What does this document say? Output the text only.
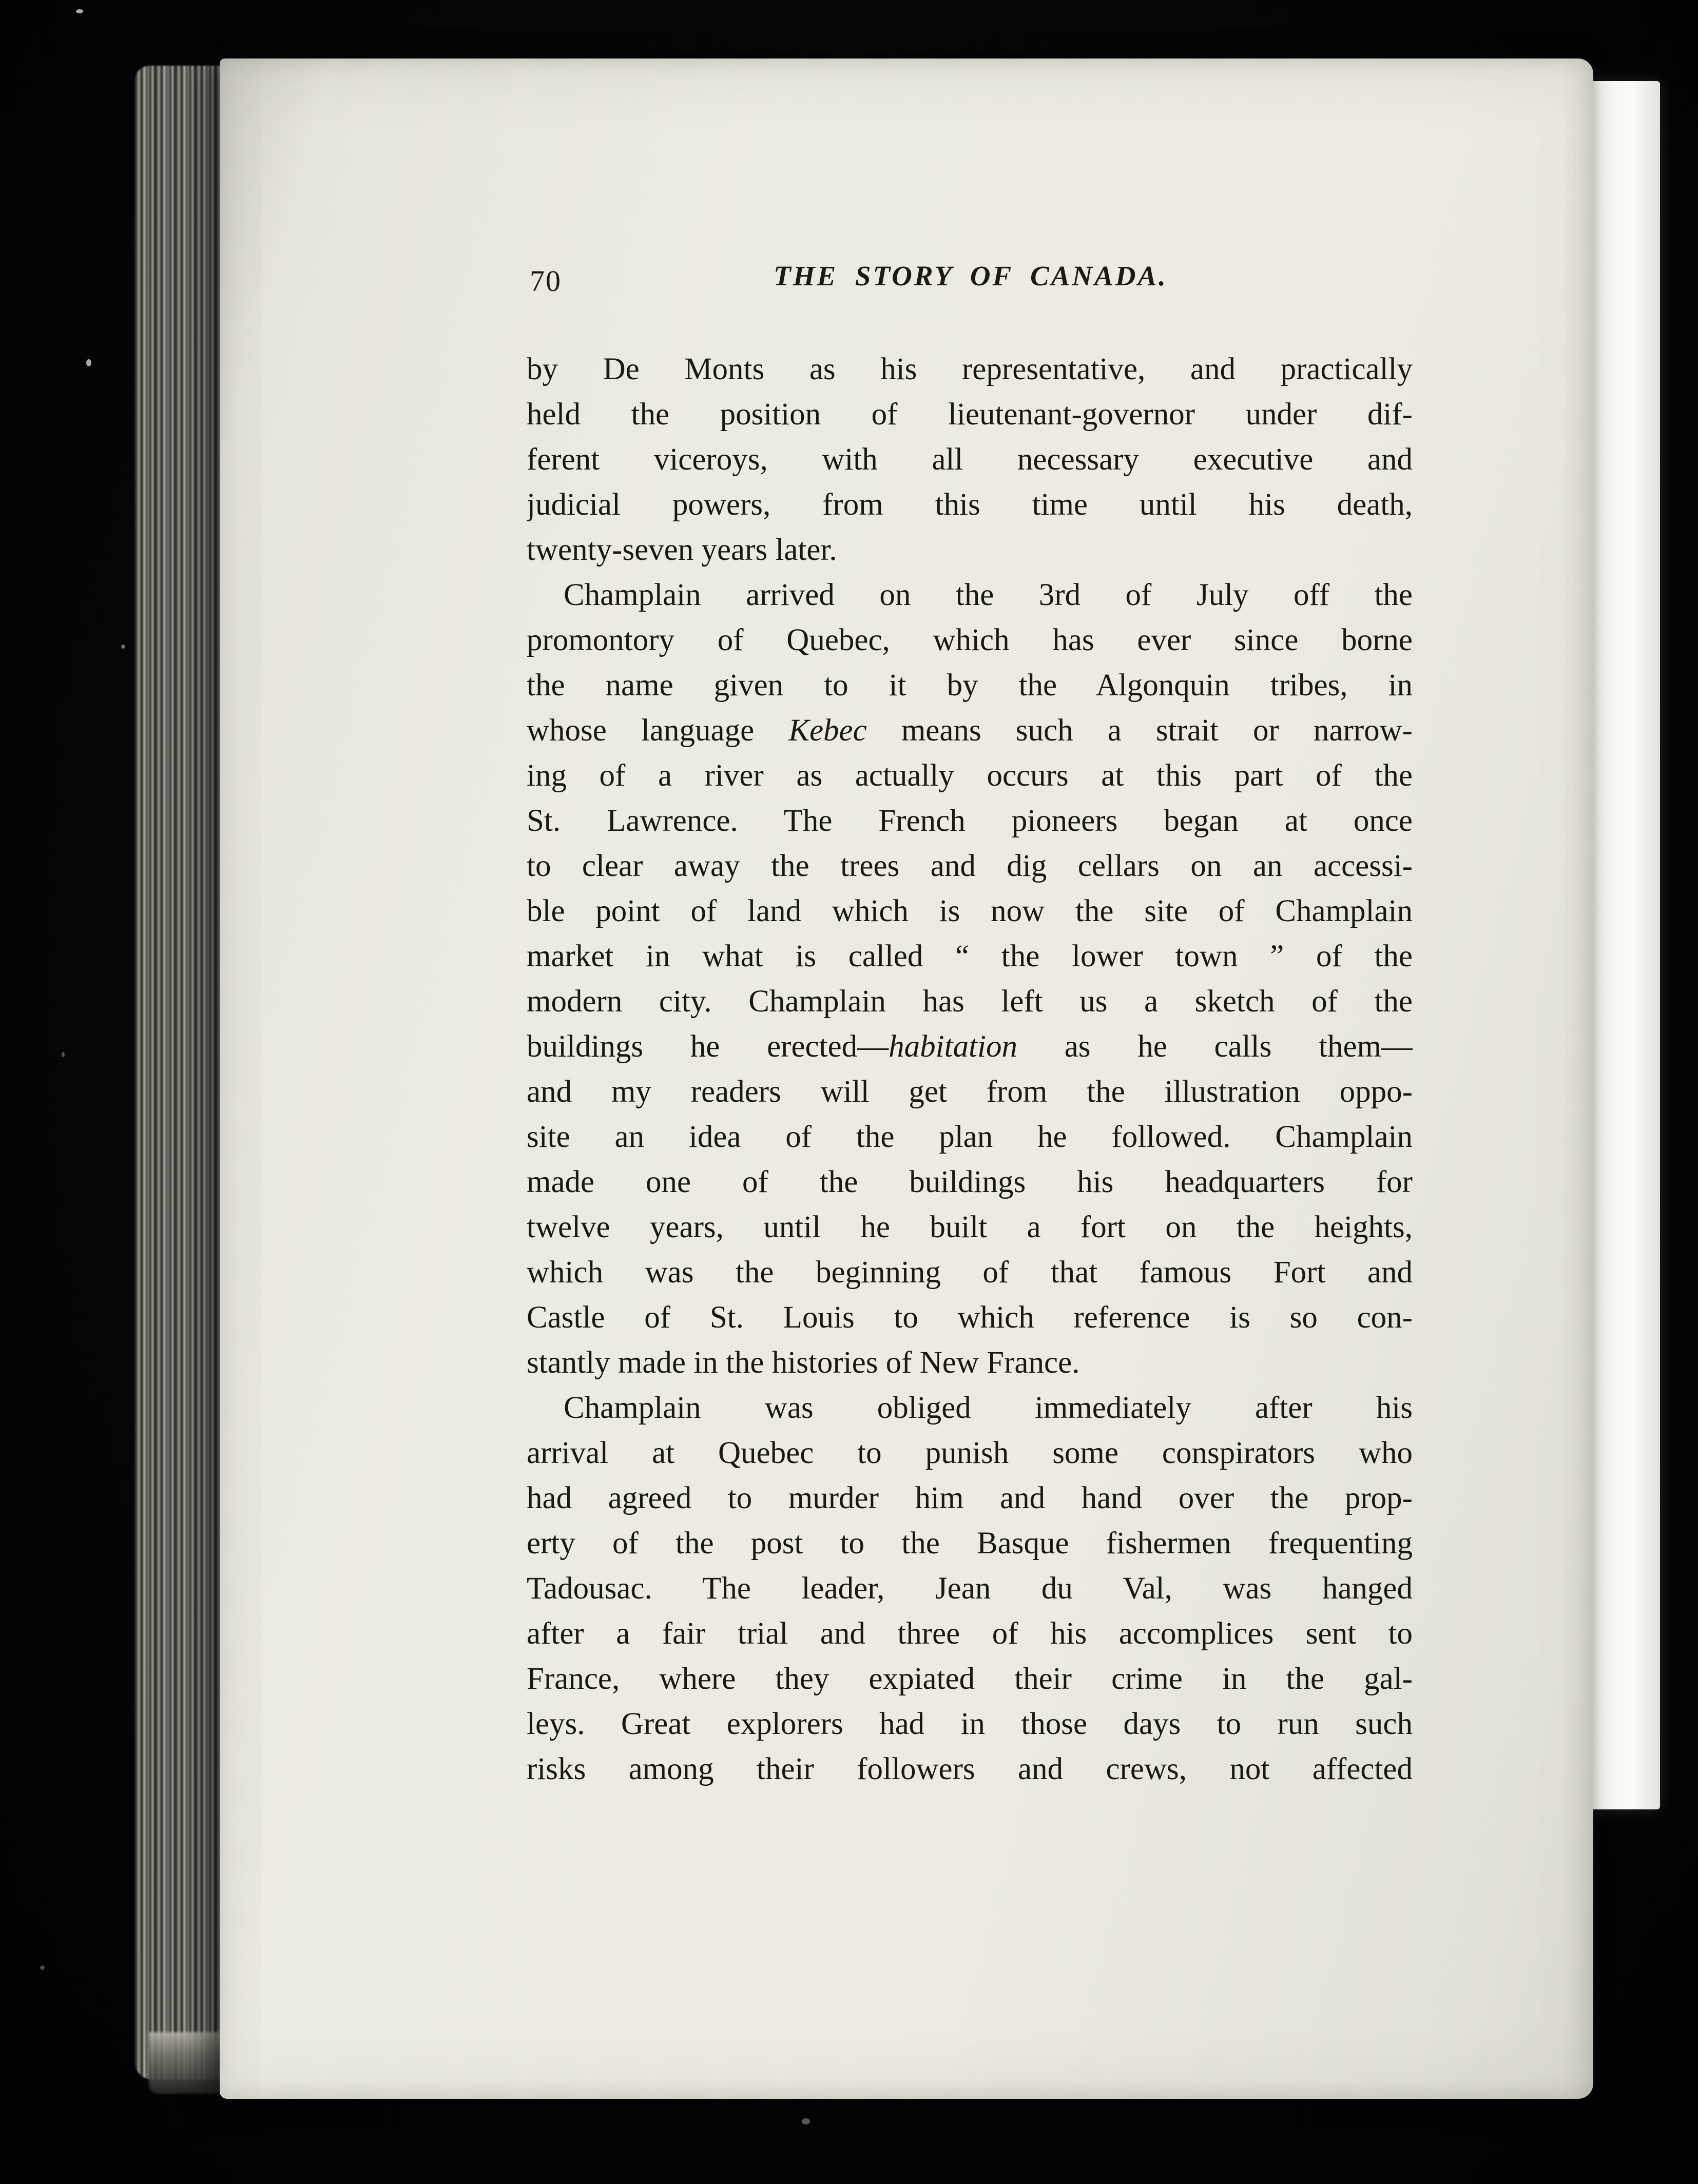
70	THE STORY OF CANADA.
by De Monts as his representative, and practically
held the position of lieutenant-governor under dif-
ferent viceroys, with all necessary executive and
judicial powers, from this time until his death,
twenty-seven years later.
Champlain arrived on the 3rd of July off the
promontory of Quebec, which has ever since borne
the name given to it by the Algonquin tribes, in
whose language Kebec means such a strait or narrow-
ing of a river as actually occurs at this part of the
St. Lawrence. The French pioneers began at once
to clear away the trees and dig cellars on an accessi-
ble point of land which is now the site of Champlain
market in what is called “ the lower town ” of the
modern city. Champlain has left us a sketch of the
buildings he erected—habitation as he calls them—
and my readers will get from the illustration oppo-
site an idea of the plan he followed. Champlain
made one of the buildings his headquarters for
twelve years, until he built a fort on the heights,
which was the beginning of that famous Fort and
Castle of St. Louis to which reference is so con-
stantly made in the histories of New France.
Champlain was obliged immediately after his
arrival at Quebec to punish some conspirators who
had agreed to murder him and hand over the prop-
erty of the post to the Basque fishermen frequenting
Tadousac. The leader, Jean du Val, was hanged
after a fair trial and three of his accomplices sent to
France, where they expiated their crime in the gal-
leys. Great explorers had in those days to run such
risks among their followers and crews, not affected
